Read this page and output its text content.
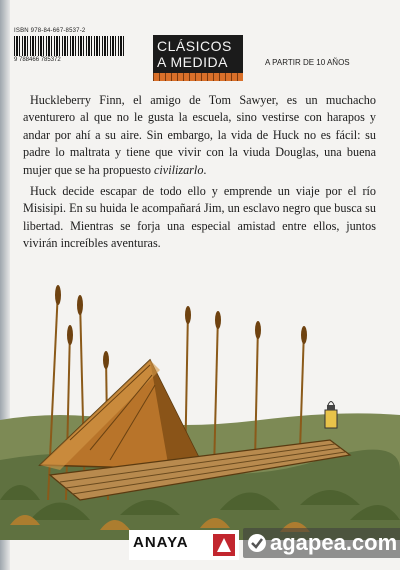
ISBN 978-84-667-8537-2
9 788466 785372
CLÁSICOS
A MEDIDA	A PARTIR DE 10 AÑOS

Huckleberry Finn, el amigo de Tom Sawyer, es un muchacho aventurero al que no le gusta la escuela, sino vestirse con harapos y andar por ahí a su aire. Sin embargo, la vida de Huck no es fácil: su padre lo maltrata y tiene que vivir con la viuda Douglas, una buena mujer que se ha propuesto civilizarlo.

Huck decide escapar de todo ello y emprende un viaje por el río Misisipi. En su huida le acompañará Jim, un esclavo negro que busca su libertad. Mientras se forja una especial amistad entre ellos, juntos vivirán increíbles aventuras.

ANAYA	agapea.com
